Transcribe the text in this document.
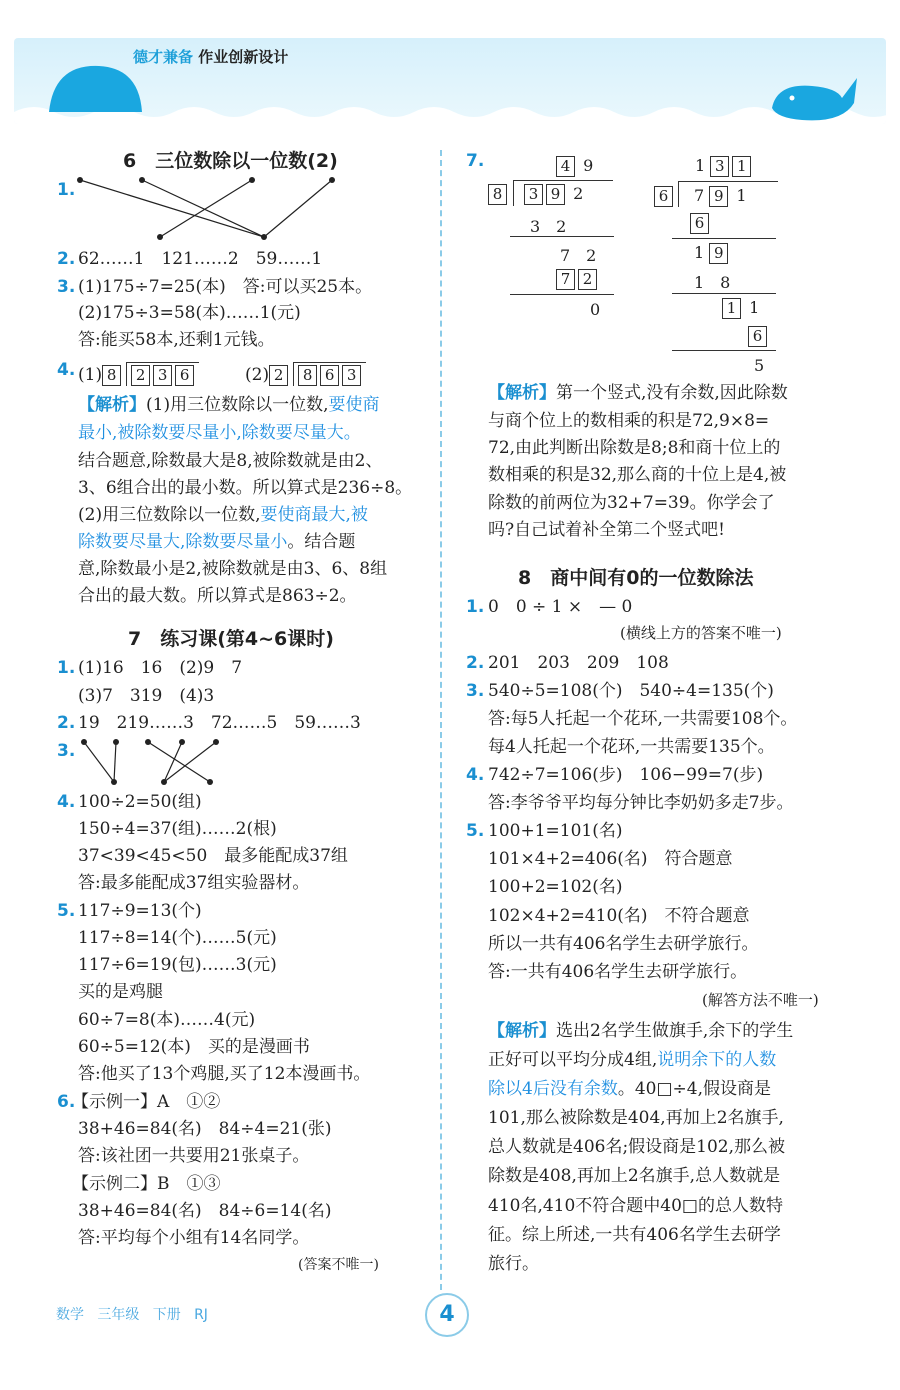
德才兼备 作业创新设计
6　三位数除以一位数(2)
1.
2. 62……1　121……2　59……1
3. (1)175÷7=25(本)　答:可以买25本。
(2)175÷3=58(本)……1(元)
答:能买58本,还剩1元钱。
4. (1) 8 2 3 6	(2) 2 8 6 3
【解析】(1)用三位数除以一位数,要使商
最小,被除数要尽量小,除数要尽量大。
结合题意,除数最大是8,被除数就是由2、
3、6组合出的最小数。所以算式是236÷8。
(2)用三位数除以一位数,要使商最大,被
除数要尽量大,除数要尽量小。结合题
意,除数最小是2,被除数就是由3、6、8组
合出的最大数。所以算式是863÷2。
7　练习课(第4~6课时)
1. (1)16　16　(2)9　7
(3)7　319　(4)3
2. 19　219……3　72……5　59……3
3.
4. 100÷2=50(组)
150÷4=37(组)……2(根)
37<39<45<50　最多能配成37组
答:最多能配成37组实验器材。
5. 117÷9=13(个)
117÷8=14(个)……5(元)
117÷6=19(包)……3(元)
买的是鸡腿
60÷7=8(本)……4(元)
60÷5=12(本)　买的是漫画书
答:他买了13个鸡腿,买了12本漫画书。
6.
【示例一】A　①②
38+46=84(名)　84÷4=21(张)
答:该社团一共要用21张桌子。
【示例二】B　①③
38+46=84(名)　84÷6=14(名)
答:平均每个小组有14名同学。
(答案不唯一)
7.	4 9
8	3 9 2
3　2
7　2
7 2
0
1 3 1
6	7 9 1
6
1 9
1　8
1 1
6
5
【解析】第一个竖式,没有余数,因此除数
与商个位上的数相乘的积是72,9×8=
72,由此判断出除数是8;8和商十位上的
数相乘的积是32,那么商的十位上是4,被
除数的前两位为32+7=39。你学会了
吗?自己试着补全第二个竖式吧!
8　商中间有0的一位数除法
1. 0　0 ÷ 1 ×　— 0
(横线上方的答案不唯一)
2. 201　203　209　108
3. 540÷5=108(个)　540÷4=135(个)
答:每5人托起一个花环,一共需要108个。
每4人托起一个花环,一共需要135个。
4. 742÷7=106(步)　106−99=7(步)
答:李爷爷平均每分钟比李奶奶多走7步。
5. 100+1=101(名)
101×4+2=406(名)　符合题意
100+2=102(名)
102×4+2=410(名)　不符合题意
所以一共有406名学生去研学旅行。
答:一共有406名学生去研学旅行。
(解答方法不唯一)
【解析】选出2名学生做旗手,余下的学生
正好可以平均分成4组,说明余下的人数
除以4后没有余数。40□÷4,假设商是
101,那么被除数是404,再加上2名旗手,
总人数就是406名;假设商是102,那么被
除数是408,再加上2名旗手,总人数就是
410名,410不符合题中40□的总人数特
征。综上所述,一共有406名学生去研学
旅行。
数学 三年级 下册 RJ	4
